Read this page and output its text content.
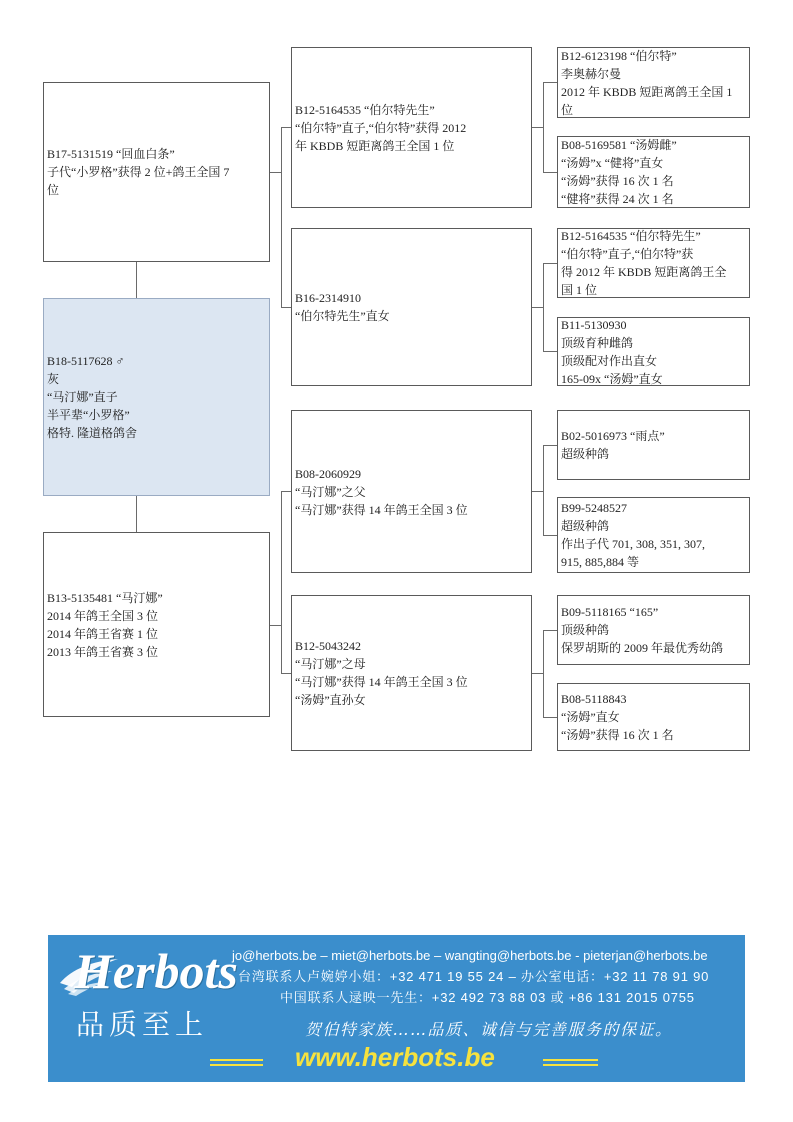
B17-5131519 “回血白条”
子代“小罗格”获得 2 位+鸽王全国 7
位
B18-5117628 ♂
灰
“马汀娜”直子
半平辈“小罗格”
格特. 隆道格鸽舍
B13-5135481 “马汀娜”
2014 年鸽王全国 3 位
2014 年鸽王省赛 1 位
2013 年鸽王省赛 3 位
B12-5164535 “伯尔特先生”
“伯尔特”直子,“伯尔特”获得 2012
年 KBDB 短距离鸽王全国 1 位
B16-2314910
“伯尔特先生”直女
B08-2060929
“马汀娜”之父
“马汀娜”获得 14 年鸽王全国 3 位
B12-5043242
“马汀娜”之母
“马汀娜”获得 14 年鸽王全国 3 位
“汤姆”直孙女
B12-6123198 “伯尔特”
李奥赫尔曼
2012 年 KBDB 短距离鸽王全国 1
位
B08-5169581 “汤姆雌”
“汤姆”x “健将”直女
“汤姆”获得 16 次 1 名
“健将”获得 24 次 1 名
B12-5164535 “伯尔特先生”
“伯尔特”直子,“伯尔特”获
得 2012 年 KBDB 短距离鸽王全
国 1 位
B11-5130930
顶级育种雌鸽
顶级配对作出直女
165-09x “汤姆”直女
B02-5016973 “雨点”
超级种鸽
B99-5248527
超级种鸽
作出子代 701, 308, 351, 307,
915, 885,884 等
B09-5118165 “165”
顶级种鸽
保罗胡斯的 2009 年最优秀幼鸽
B08-5118843
“汤姆”直女
“汤姆”获得 16 次 1 名
Herbots
品质至上
jo@herbots.be – miet@herbots.be – wangting@herbots.be - pieterjan@herbots.be
台湾联系人卢婉婷小姐：+32 471 19 55 24 – 办公室电话：+32 11 78 91 90
中国联系人逯映一先生：+32 492 73 88 03 或 +86 131 2015 0755
贺伯特家族……品质、诚信与完善服务的保证。
www.herbots.be
